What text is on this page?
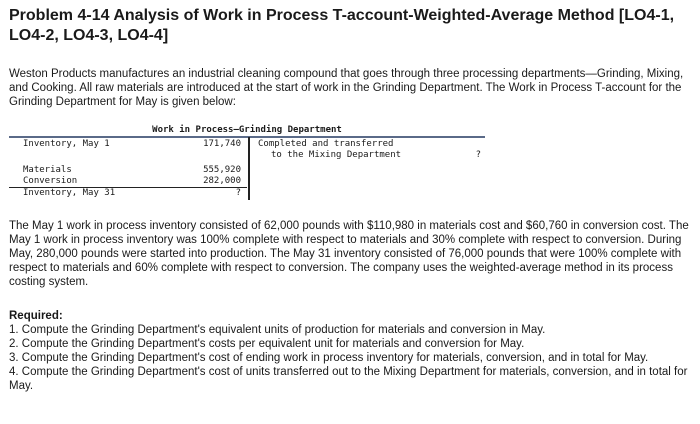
Problem 4-14 Analysis of Work in Process T-account-Weighted-Average Method [LO4-1, LO4-2, LO4-3, LO4-4]

Weston Products manufactures an industrial cleaning compound that goes through three processing departments—Grinding, Mixing, and Cooking. All raw materials are introduced at the start of work in the Grinding Department. The Work in Process T-account for the Grinding Department for May is given below:

Work in Process—Grinding Department
Inventory, May 1	171,740
Materials	555,920
Conversion	282,000
Inventory, May 31	?
Completed and transferred
to the Mixing Department	?

The May 1 work in process inventory consisted of 62,000 pounds with $110,980 in materials cost and $60,760 in conversion cost. The May 1 work in process inventory was 100% complete with respect to materials and 30% complete with respect to conversion. During May, 280,000 pounds were started into production. The May 31 inventory consisted of 76,000 pounds that were 100% complete with respect to materials and 60% complete with respect to conversion. The company uses the weighted-average method in its process costing system.

Required:
1. Compute the Grinding Department's equivalent units of production for materials and conversion in May.
2. Compute the Grinding Department's costs per equivalent unit for materials and conversion for May.
3. Compute the Grinding Department's cost of ending work in process inventory for materials, conversion, and in total for May.
4. Compute the Grinding Department's cost of units transferred out to the Mixing Department for materials, conversion, and in total for May.
